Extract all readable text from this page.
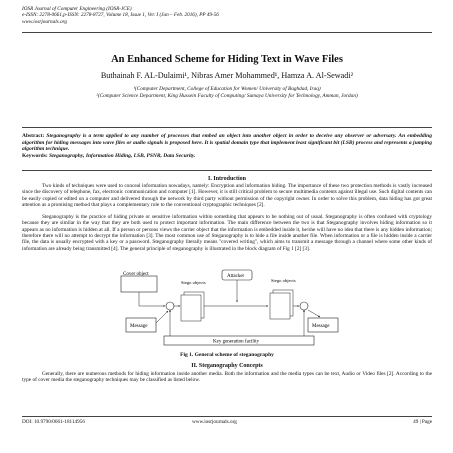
IOSR Journal of Computer Engineering (IOSR-JCE)
e-ISSN: 2278-0661,p-ISSN: 2278-8727, Volume 18, Issue 1, Ver. I (Jan – Feb. 2016), PP 49-56
www.iosrjournals.org
An Enhanced Scheme for Hiding Text in Wave Files
Buthainah F. AL-Dulaimi¹, Nibras Amer Mohammed¹, Hamza A. Al-Sewadi²
¹(Computer Department, College of Education for Women/ University of Baghdad, Iraq)
²(Computer Science Department, King Hussein Faculty of Computing/ Sumaya University for Technology, Amman, Jordan)
Abstract: Steganography is a term applied to any number of processes that embed an object into another object in order to deceive any observer or adversary. An embedding algorithm for hiding messages into wave files or audio signals is proposed here. It is spatial domain type that implement least significant bit (LSB) process and represents a jumping algorithm technique.
Keywords: Steganography, Information Hiding, LSB, PSNR, Data Security.
I. Introduction
Two kinds of techniques were used to conceal information nowadays, namely: Encryption and information hiding. The importance of these two protection methods is vastly increased since the discovery of telephone, fax, electronic communication and computer [1]. However, it is still critical problem to secure multimedia contents against illegal use. Such digital contents can be easily copied or edited on a computer and delivered through the network by third party without permission of the copyright owner. In order to solve this problem, data hiding has got great attention as a promising method that plays a complementary role to the conventional cryptographic techniques [2].
Steganography is the practice of hiding private or sensitive information within something that appears to be nothing out of usual. Steganography is often confused with cryptology because they are similar in the way that they are both used to protect important information. The main difference between the two is that Steganography involves hiding information so it appears as no information is hidden at all. If a person or persons views the carrier object that the information is embedded inside it, he/she will have no idea that there is any hidden information; therefore there will no attempt to decrypt the information [3]. The most common use of Steganography is to hide a file inside another file. When information or a file is hidden inside a carrier file, the data is usually encrypted with a key or a password. Steganography literally means "covered writing", which aims to transmit a message through a channel where some other kinds of information are already being transmitted [4]. The general principle of steganography is illustrated in the block diagram of Fig 1 [2] [3].
Cover object
Message
Stego objects
Attacker
Stego objects
Message
Key generation facility
Fig 1. General scheme of steganography
II. Steganography Concepts
Generally, there are numerous methods for hiding information inside another media. Both the information and the media types can be text, Audio or Video files [2]. According to the type of cover media the steganography techniques may be classified as listed below.
DOI: 10.9790/0661-18114956	www.iosrjournals.org	49 | Page
